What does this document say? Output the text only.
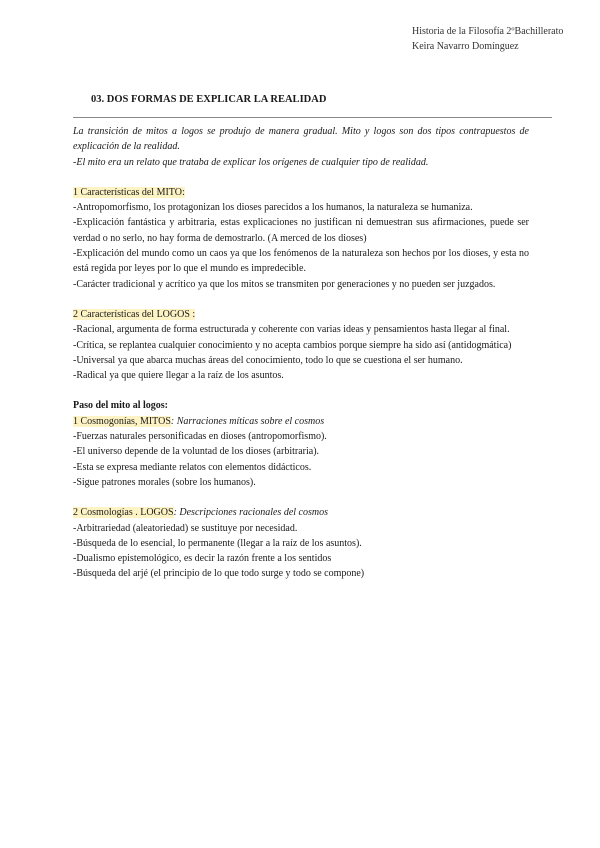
Historia de la Filosofía 2ºBachillerato
Keira Navarro Domínguez
03. DOS FORMAS DE EXPLICAR LA REALIDAD

La transición de mitos a logos se produjo de manera gradual. Mito y logos son dos tipos contrapuestos de explicación de la realidad.

-El mito era un relato que trataba de explicar los orígenes de cualquier tipo de realidad.

1 Características del MITO:

-Antropomorfismo, los protagonizan los dioses parecidos a los humanos, la naturaleza se humaniza.

-Explicación fantástica y arbitraria, estas explicaciones no justifican ni demuestran sus afirmaciones, puede ser verdad o no serlo, no hay forma de demostrarlo. (A merced de los dioses)

-Explicación del mundo como un caos ya que los fenómenos de la naturaleza son hechos por los dioses, y esta no está regida por leyes por lo que el mundo es impredecible.

-Carácter tradicional y acrítico ya que los mitos se transmiten por generaciones y no pueden ser juzgados.

2 Características del LOGOS :

-Racional, argumenta de forma estructurada y coherente con varias ideas y pensamientos hasta llegar al final.

-Crítica, se replantea cualquier conocimiento y no acepta cambios porque siempre ha sido así (antidogmática)

-Universal ya que abarca muchas áreas del conocimiento, todo lo que se cuestiona el ser humano.

-Radical ya que quiere llegar a la raíz de los asuntos.

Paso del mito al logos:

1 Cosmogonías, MITOS: Narraciones míticas sobre el cosmos

-Fuerzas naturales personificadas en dioses (antropomorfismo).

-El universo depende de la voluntad de los dioses (arbitraria).

-Esta se expresa mediante relatos con elementos didácticos.

-Sigue patrones morales (sobre los humanos).

2 Cosmologías . LOGOS: Descripciones racionales del cosmos

-Arbitrariedad (aleatoriedad) se sustituye por necesidad.

-Búsqueda de lo esencial, lo permanente (llegar a la raíz de los asuntos).

-Dualismo epistemológico, es decir la razón frente a los sentidos

-Búsqueda del arjé (el principio de lo que todo surge y todo se compone)
